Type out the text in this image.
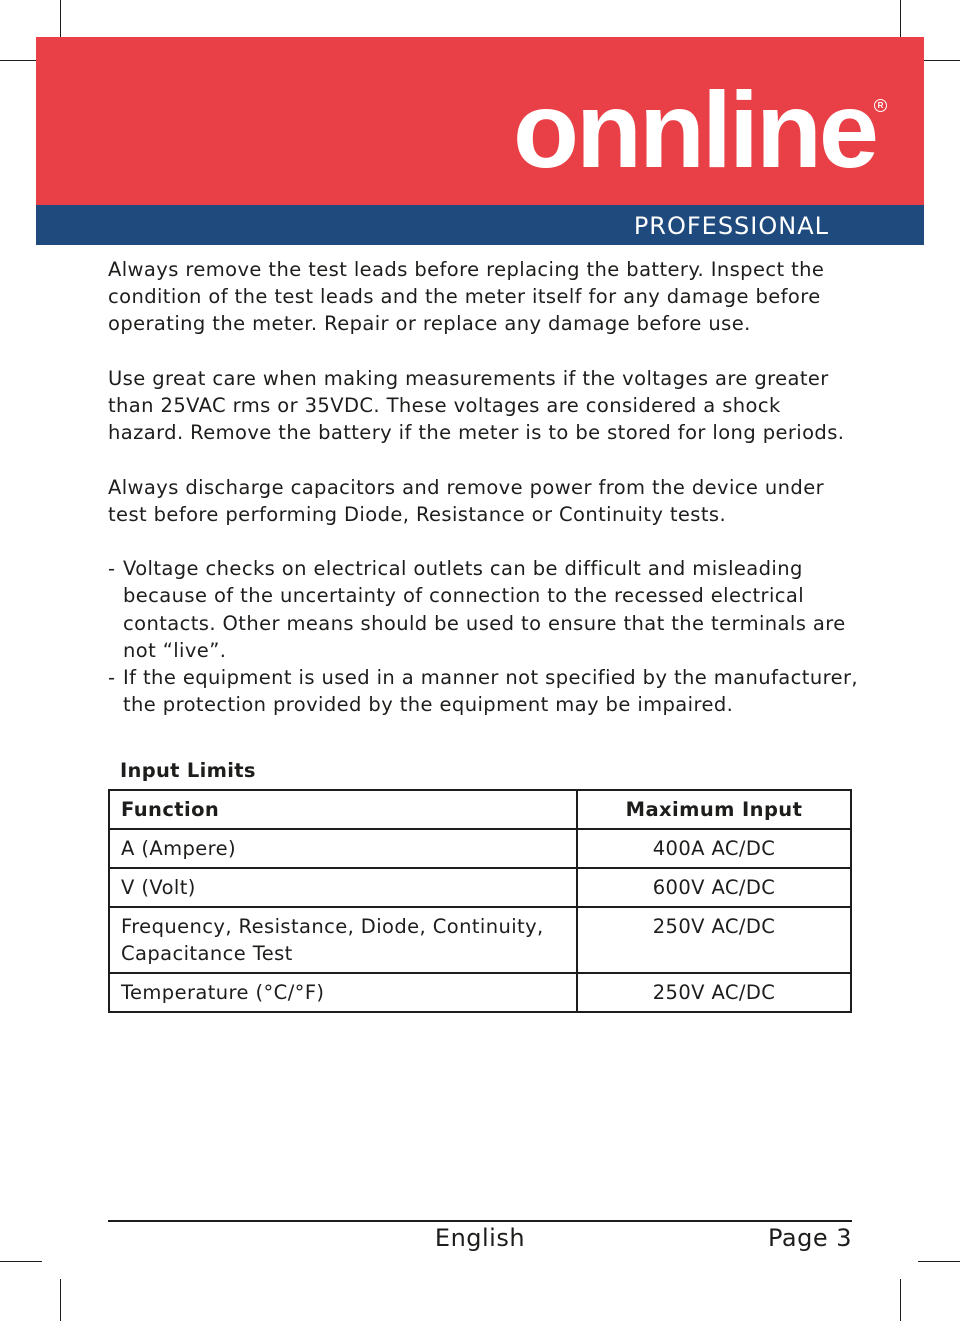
onnline R
PROFESSIONAL

Always remove the test leads before replacing the battery. Inspect the condition of the test leads and the meter itself for any damage before operating the meter. Repair or replace any damage before use.

Use great care when making measurements if the voltages are greater than 25VAC rms or 35VDC. These voltages are considered a shock hazard. Remove the battery if the meter is to be stored for long periods.

Always discharge capacitors and remove power from the device under test before performing Diode, Resistance or Continuity tests.

- Voltage checks on electrical outlets can be difficult and misleading because of the uncertainty of connection to the recessed electrical contacts. Other means should be used to ensure that the terminals are not “live”.
- If the equipment is used in a manner not specified by the manufacturer, the protection provided by the equipment may be impaired.
Input Limits
Function	Maximum Input
A (Ampere)	400A AC/DC
V (Volt)	600V AC/DC
Frequency, Resistance, Diode, Continuity, Capacitance Test	250V AC/DC
Temperature (°C/°F)	250V AC/DC
English	Page 3
